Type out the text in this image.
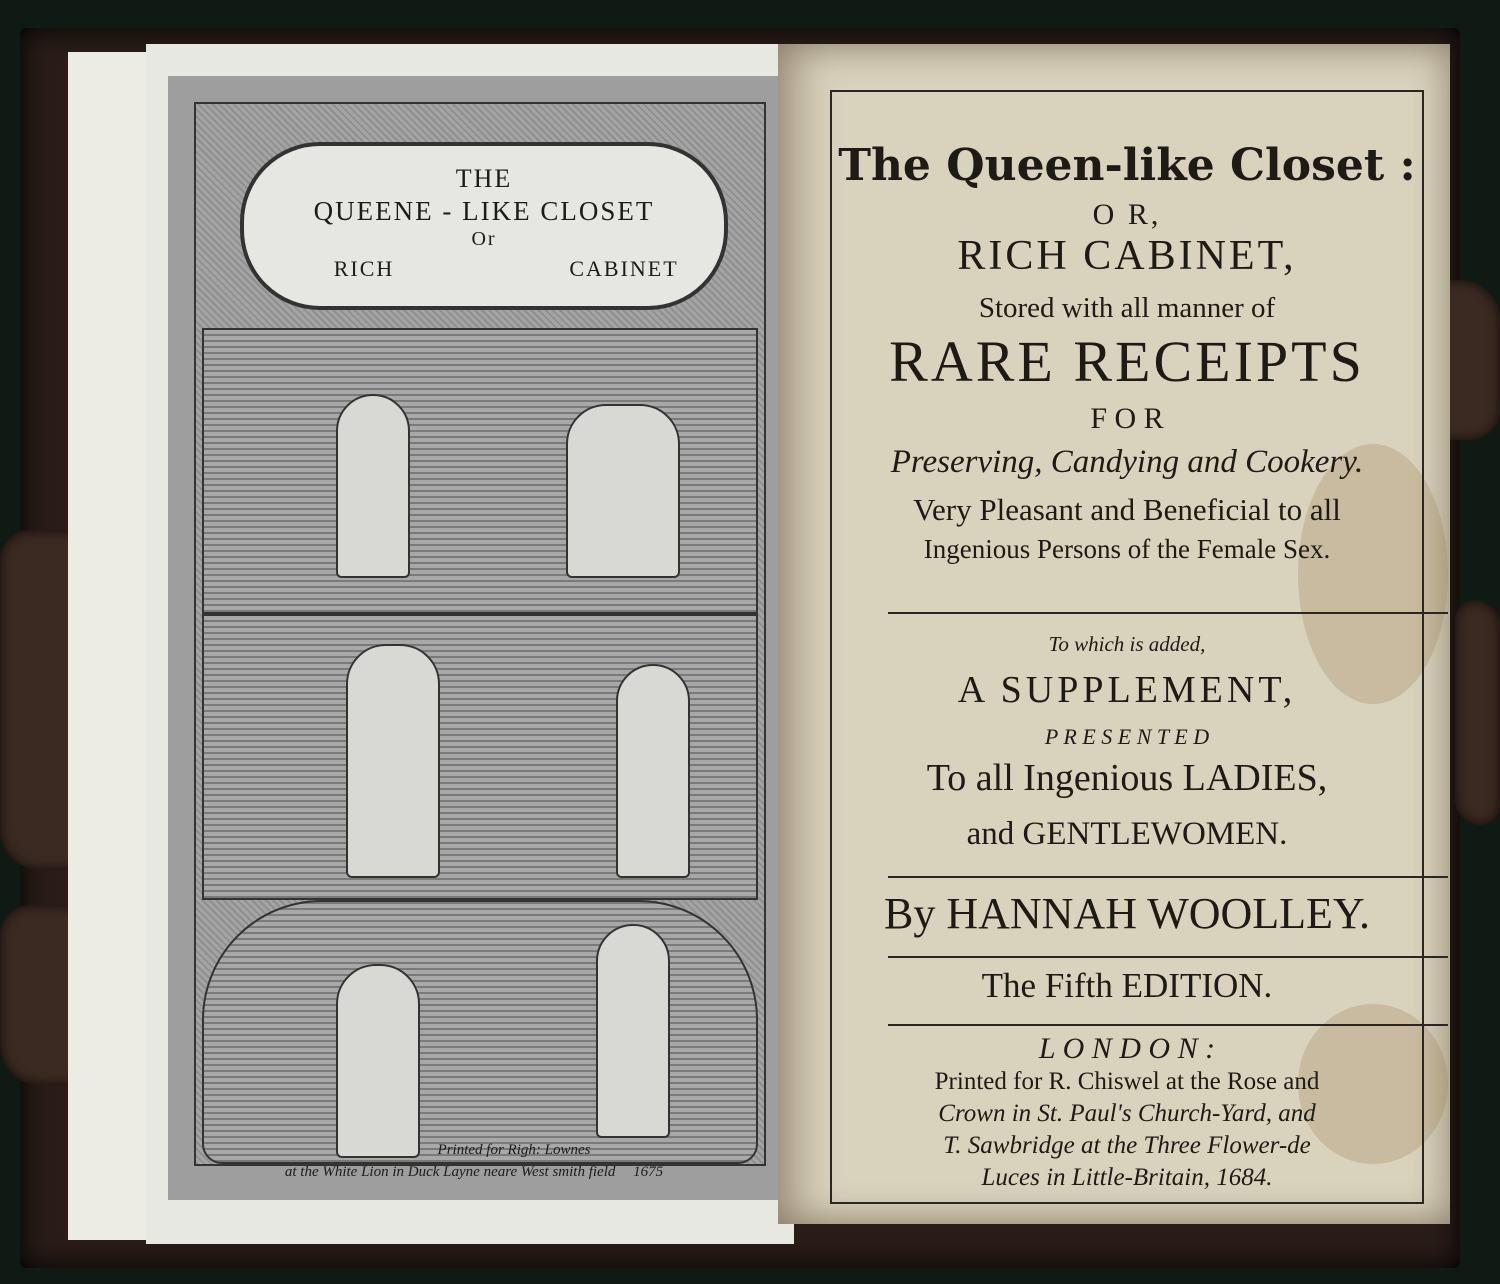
THE
QUEENE - LIKE CLOSET
Or
RICH	CABINET
Printed for Righ: Lownes
at the White Lion in Duck Layne neare West smith field 1675
The Queen-like Closet :
O R,
RICH CABINET,
Stored with all manner of
RARE RECEIPTS
F O R
Preserving, Candying and Cookery.
Very Pleasant and Beneficial to all
Ingenious Persons of the Female Sex.
To which is added,
A SUPPLEMENT,
P R E S E N T E D
To all Ingenious LADIES,
and GENTLEWOMEN.
By HANNAH WOOLLEY.
The Fifth EDITION.
L O N D O N :
Printed for R. Chiswel at the Rose and
Crown in St. Paul's Church-Yard, and
T. Sawbridge at the Three Flower-de
Luces in Little-Britain, 1684.
